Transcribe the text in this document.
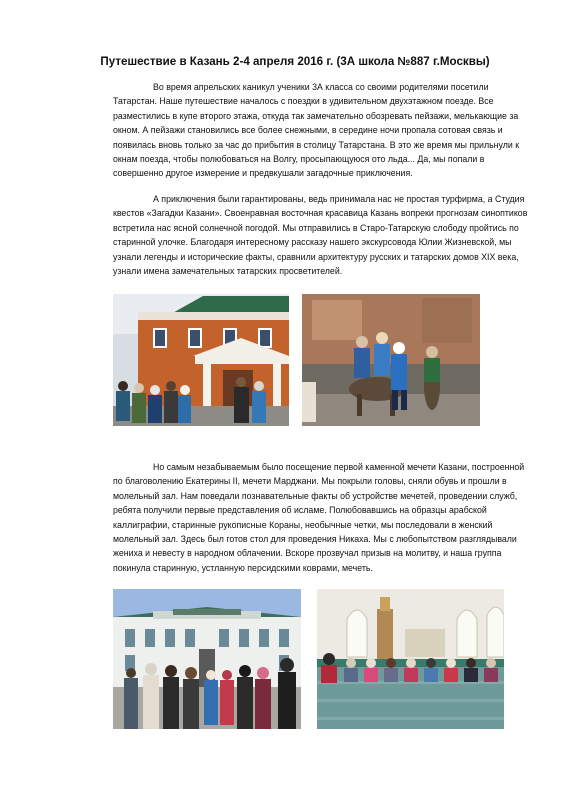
Путешествие в Казань 2-4 апреля 2016 г. (3А школа №887 г.Москвы)

Во время апрельских каникул ученики 3А класса со своими родителями посетили Татарстан. Наше путешествие началось с поездки в удивительном двухэтажном поезде. Все разместились в купе второго этажа, откуда так замечательно обозревать пейзажи, мелькающие за окном. А пейзажи становились все более снежными, в середине ночи пропала сотовая связь и появилась вновь только за час до прибытия в столицу Татарстана. В это же время мы прильнули к окнам поезда, чтобы полюбоваться на Волгу, просыпающуюся ото льда... Да, мы попали в совершенно другое измерение и предвкушали загадочные приключения.

А приключения были гарантированы, ведь принимала нас не простая турфирма, а Студия квестов «Загадки Казани». Своенравная восточная красавица Казань вопреки прогнозам синоптиков встретила нас ясной солнечной погодой. Мы отправились в Старо-Татарскую слободу пройтись по старинной улочке. Благодаря интересному рассказу нашего экскурсовода Юлии Жизневской, мы узнали легенды и исторические факты, сравнили архитектуру русских и татарских домов XIX века, узнали имена замечательных татарских просветителей.

Но самым незабываемым было посещение первой каменной мечети Казани, построенной по благоволению Екатерины II, мечети Марджани. Мы покрыли головы, сняли обувь и прошли в молельный зал. Нам поведали познавательные факты об устройстве мечетей, проведении служб, ребята получили первые представления об исламе. Полюбовавшись на образцы арабской каллиграфии, старинные рукописные Кораны, необычные четки, мы последовали в женский молельный зал. Здесь был готов стол для проведения Никаха. Мы с любопытством разглядывали жениха и невесту в народном облачении. Вскоре прозвучал призыв на молитву, и наша группа покинула старинную, устланную персидскими коврами, мечеть.
